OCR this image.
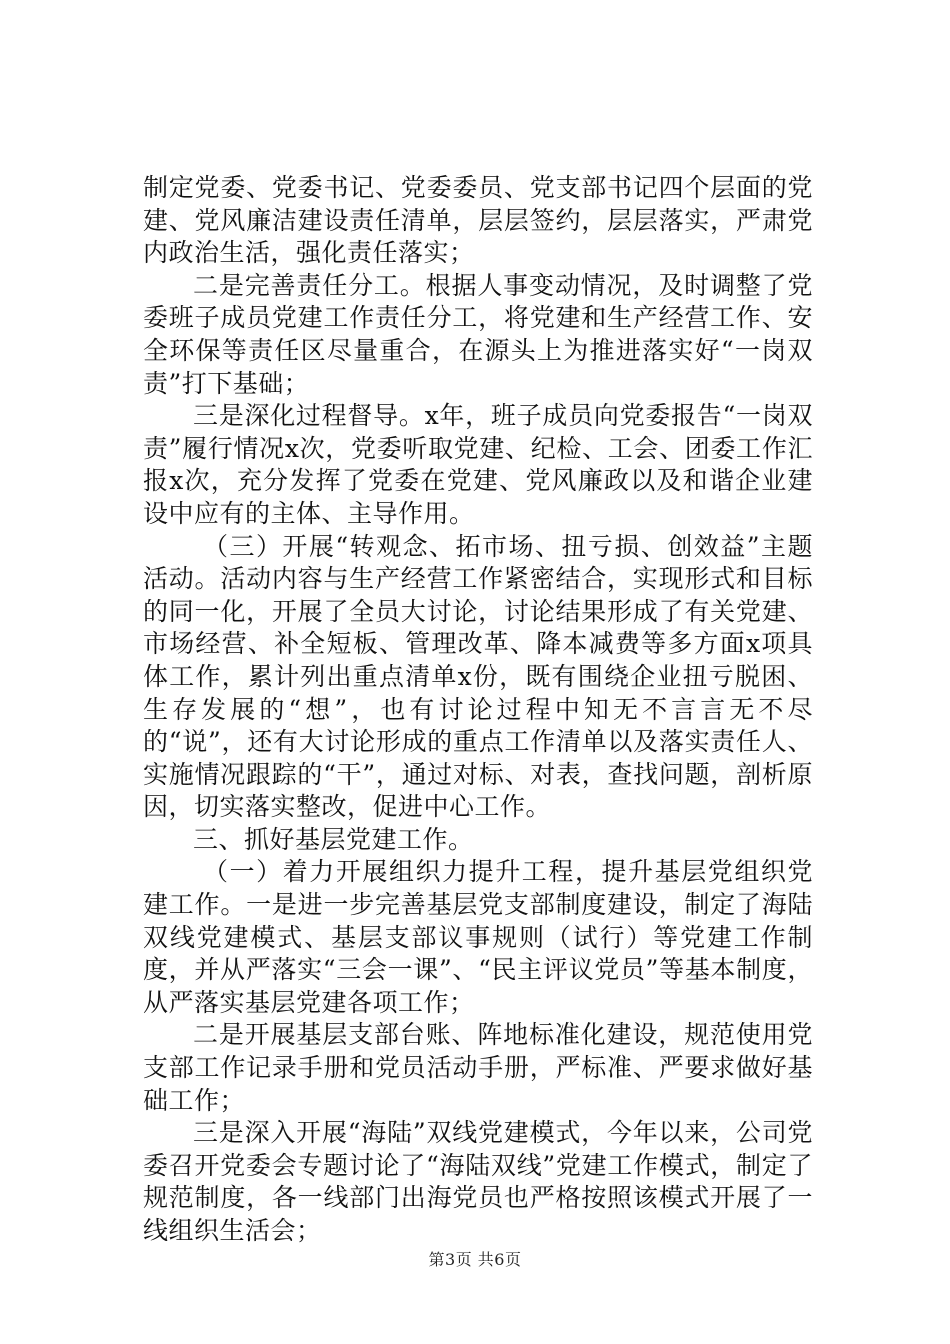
制定党委、党委书记、党委委员、党支部书记四个层面的党建、党风廉洁建设责任清单，层层签约，层层落实，严肃党内政治生活，强化责任落实；

二是完善责任分工。根据人事变动情况，及时调整了党委班子成员党建工作责任分工，将党建和生产经营工作、安全环保等责任区尽量重合，在源头上为推进落实好“一岗双责”打下基础；

三是深化过程督导。x年，班子成员向党委报告“一岗双责”履行情况x次，党委听取党建、纪检、工会、团委工作汇报x次，充分发挥了党委在党建、党风廉政以及和谐企业建设中应有的主体、主导作用。

（三）开展“转观念、拓市场、扭亏损、创效益”主题活动。活动内容与生产经营工作紧密结合，实现形式和目标的同一化，开展了全员大讨论，讨论结果形成了有关党建、市场经营、补全短板、管理改革、降本减费等多方面x项具体工作，累计列出重点清单x份，既有围绕企业扭亏脱困、生存发展的“想”，也有讨论过程中知无不言言无不尽的“说”，还有大讨论形成的重点工作清单以及落实责任人、实施情况跟踪的“干”，通过对标、对表，查找问题，剖析原因，切实落实整改，促进中心工作。

三、抓好基层党建工作。

（一）着力开展组织力提升工程，提升基层党组织党建工作。一是进一步完善基层党支部制度建设，制定了海陆双线党建模式、基层支部议事规则（试行）等党建工作制度，并从严落实“三会一课”、“民主评议党员”等基本制度，从严落实基层党建各项工作；

二是开展基层支部台账、阵地标准化建设，规范使用党支部工作记录手册和党员活动手册，严标准、严要求做好基础工作；

三是深入开展“海陆”双线党建模式，今年以来，公司党委召开党委会专题讨论了“海陆双线”党建工作模式，制定了规范制度，各一线部门出海党员也严格按照该模式开展了一线组织生活会；

第3页 共6页
